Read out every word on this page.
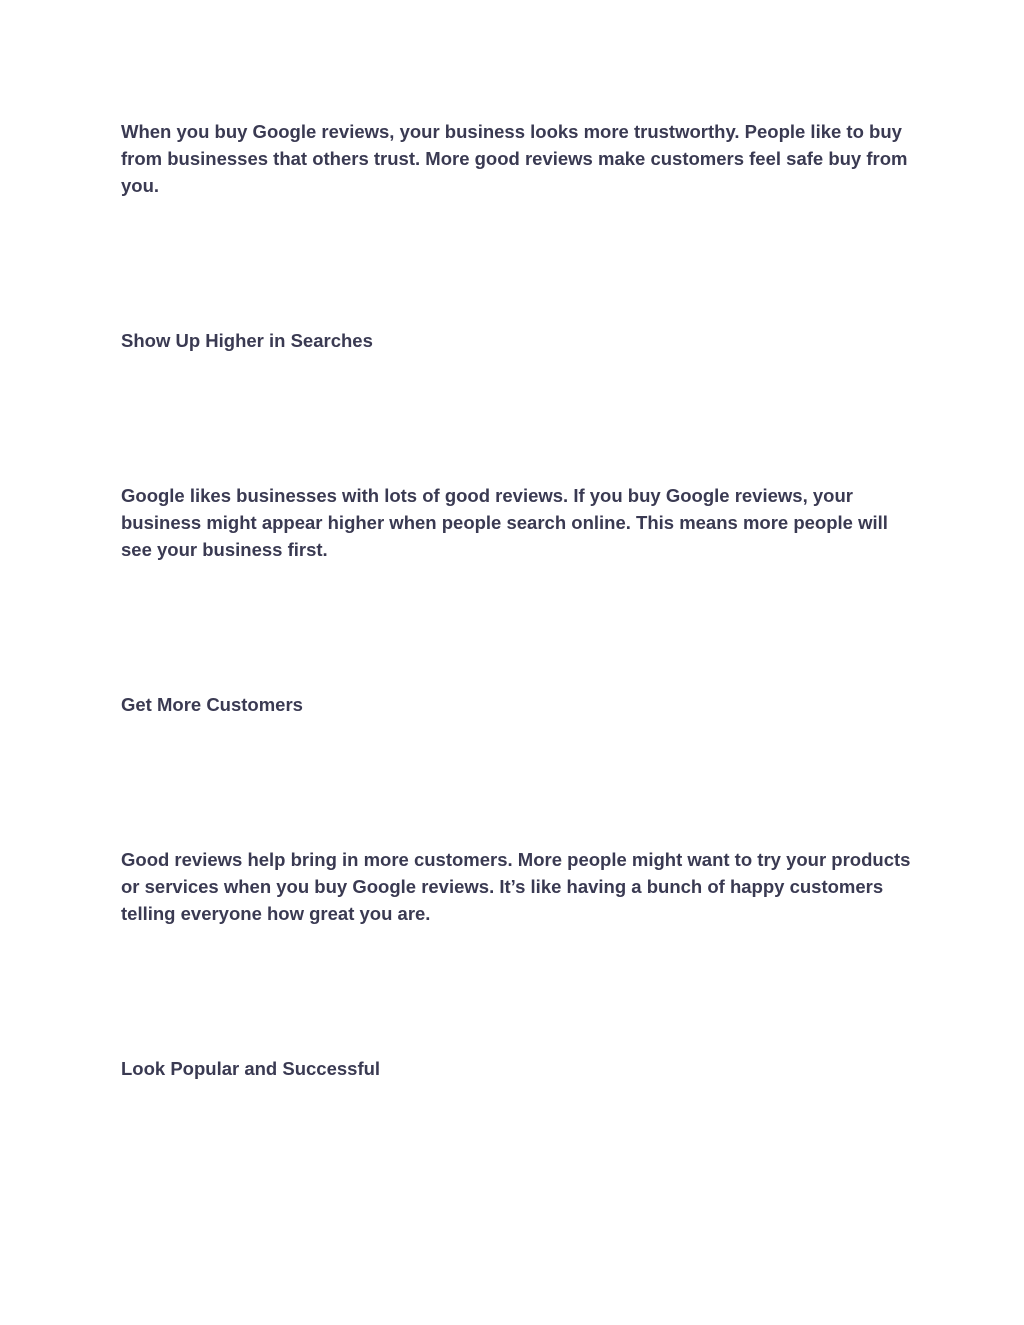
When you buy Google reviews, your business looks more trustworthy. People like to buy from businesses that others trust. More good reviews make customers feel safe buy from you.

Show Up Higher in Searches

Google likes businesses with lots of good reviews. If you buy Google reviews, your business might appear higher when people search online. This means more people will see your business first.

Get More Customers

Good reviews help bring in more customers. More people might want to try your products or services when you buy Google reviews. It’s like having a bunch of happy customers telling everyone how great you are.

Look Popular and Successful
